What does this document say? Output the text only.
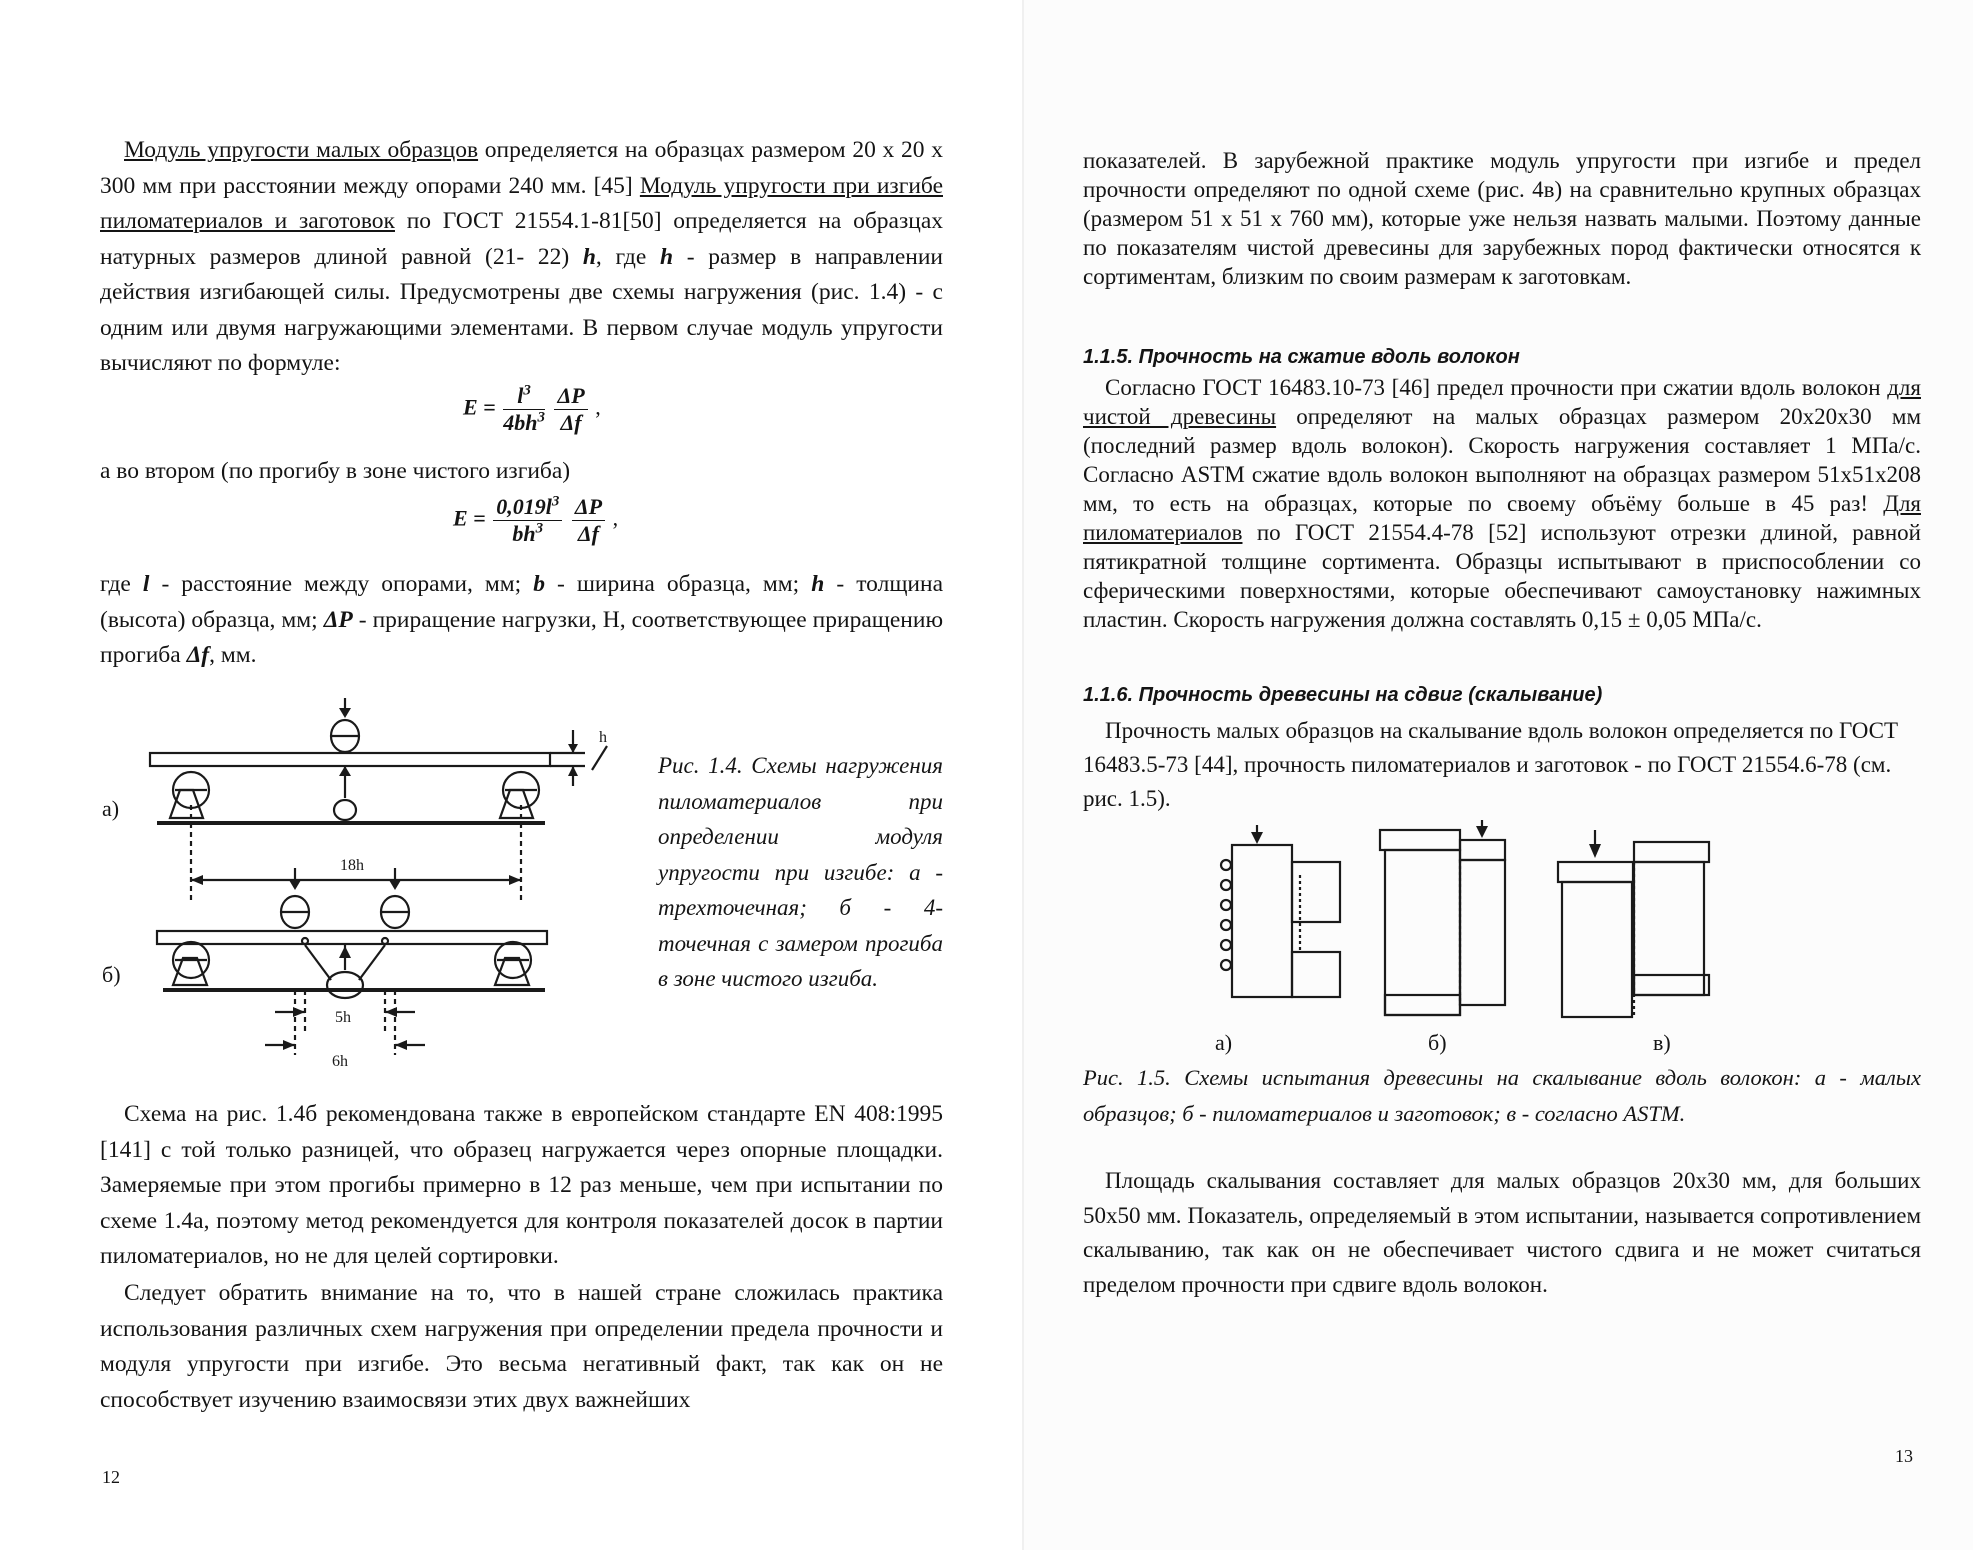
Модуль упругости малых образцов определяется на образцах размером 20 х 20 х 300 мм при расстоянии между опорами 240 мм. [45] Модуль упругости при изгибе пиломатериалов и заготовок по ГОСТ 21554.1-81[50] определяется на образцах натурных размеров длиной равной (21- 22) h, где h - размер в направлении действия изгибающей силы. Предусмотрены две схемы нагружения (рис. 1.4) - с одним или двумя нагружающими элементами. В первом случае модуль упругости вычисляют по формуле:

$E = \frac{l^3}{4bh^3}$
$\frac{\Delta P}{\Delta f}$ ,

а во втором (по прогибу в зоне чистого изгиба)

$E = \frac{0,019l^3}{bh^3}$
$\frac{\Delta P}{\Delta f}$ ,

где l - расстояние между опорами, мм; b - ширина образца, мм; h - толщина (высота) образца, мм; ΔP - приращение нагрузки, Н, соответствующее приращению прогиба Δf, мм.

h
18h
5h
6h
а)
б)

Рис. 1.4. Схемы нагружения пиломатериалов при определении модуля упругости при изгибе: а - трехточечная; б - 4-точечная с замером прогиба в зоне чистого изгиба.

Схема на рис. 1.4б рекомендована также в европейском стандарте EN 408:1995 [141] с той только разницей, что образец нагружается через опорные площадки. Замеряемые при этом прогибы примерно в 12 раз меньше, чем при испытании по схеме 1.4а, поэтому метод рекомендуется для контроля показателей досок в партии пиломатериалов, но не для целей сортировки.

Следует обратить внимание на то, что в нашей стране сложилась практика использования различных схем нагружения при определении предела прочности и модуля упругости при изгибе. Это весьма негативный факт, так как он не способствует изучению взаимосвязи этих двух важнейших

12

показателей. В зарубежной практике модуль упругости при изгибе и предел прочности определяют по одной схеме (рис. 4в) на сравнительно крупных образцах (размером 51 х 51 х 760 мм), которые уже нельзя назвать малыми. Поэтому данные по показателям чистой древесины для зарубежных пород фактически относятся к сортиментам, близким по своим размерам к заготовкам.

1.1.5. Прочность на сжатие вдоль волокон

Согласно ГОСТ 16483.10-73 [46] предел прочности при сжатии вдоль волокон для чистой древесины определяют на малых образцах размером 20х20х30 мм (последний размер вдоль волокон). Скорость нагружения составляет 1 МПа/с. Согласно ASTM сжатие вдоль волокон выполняют на образцах размером 51х51х208 мм, то есть на образцах, которые по своему объёму больше в 45 раз! Для пиломатериалов по ГОСТ 21554.4-78 [52] используют отрезки длиной, равной пятикратной толщине сортимента. Образцы испытывают в приспособлении со сферическими поверхностями, которые обеспечивают самоустановку нажимных пластин. Скорость нагружения должна составлять 0,15 ± 0,05 МПа/с.

1.1.6. Прочность древесины на сдвиг (скалывание)

Прочность малых образцов на скалывание вдоль волокон определяется по ГОСТ 16483.5-73 [44], прочность пиломатериалов и заготовок - по ГОСТ 21554.6-78 (см. рис. 1.5).

а)	б)	в)

Рис. 1.5. Схемы испытания древесины на скалывание вдоль волокон: а - малых образцов; б - пиломатериалов и заготовок; в - согласно ASTM.

Площадь скалывания составляет для малых образцов 20х30 мм, для больших 50х50 мм. Показатель, определяемый в этом испытании, называется сопротивлением скалыванию, так как он не обеспечивает чистого сдвига и не может считаться пределом прочности при сдвиге вдоль волокон.

13
